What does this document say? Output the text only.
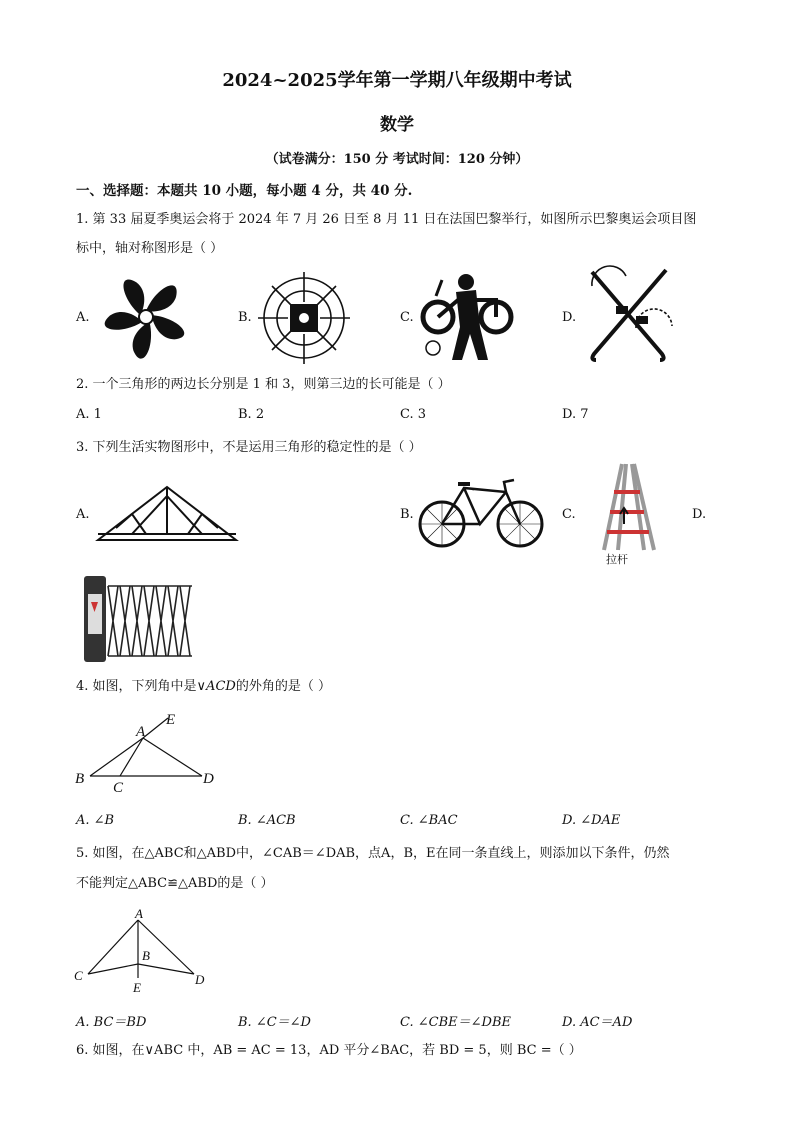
2024~2025学年第一学期八年级期中考试
数学
（试卷满分：150 分 考试时间：120 分钟）
一、选择题：本题共 10 小题，每小题 4 分，共 40 分.
1. 第 33 届夏季奥运会将于 2024 年 7 月 26 日至 8 月 11 日在法国巴黎举行，如图所示巴黎奥运会项目图
标中，轴对称图形是（ ）
A.	B.	C.	D.
2. 一个三角形的两边长分别是 1 和 3，则第三边的长可能是（ ）
A. 1	B. 2	C. 3	D. 7
3. 下列生活实物图形中，不是运用三角形的稳定性的是（ ）
A.	B.	C.	D.
拉杆
4. 如图，下列角中是∨ACD的外角的是（ ）
A
E
B
C
D
A. ∠B	B. ∠ACB	C. ∠BAC	D. ∠DAE
5. 如图，在△ABC和△ABD中，∠CAB＝∠DAB，点A，B，E在同一条直线上，则添加以下条件，仍然
不能判定△ABC≌△ABD的是（ ）
A
B
C	D
E
A. BC＝BD	B. ∠C＝∠D	C. ∠CBE＝∠DBE	D. AC＝AD
6. 如图，在∨ABC 中，AB = AC = 13，AD 平分∠BAC，若 BD = 5，则 BC =（ ）
